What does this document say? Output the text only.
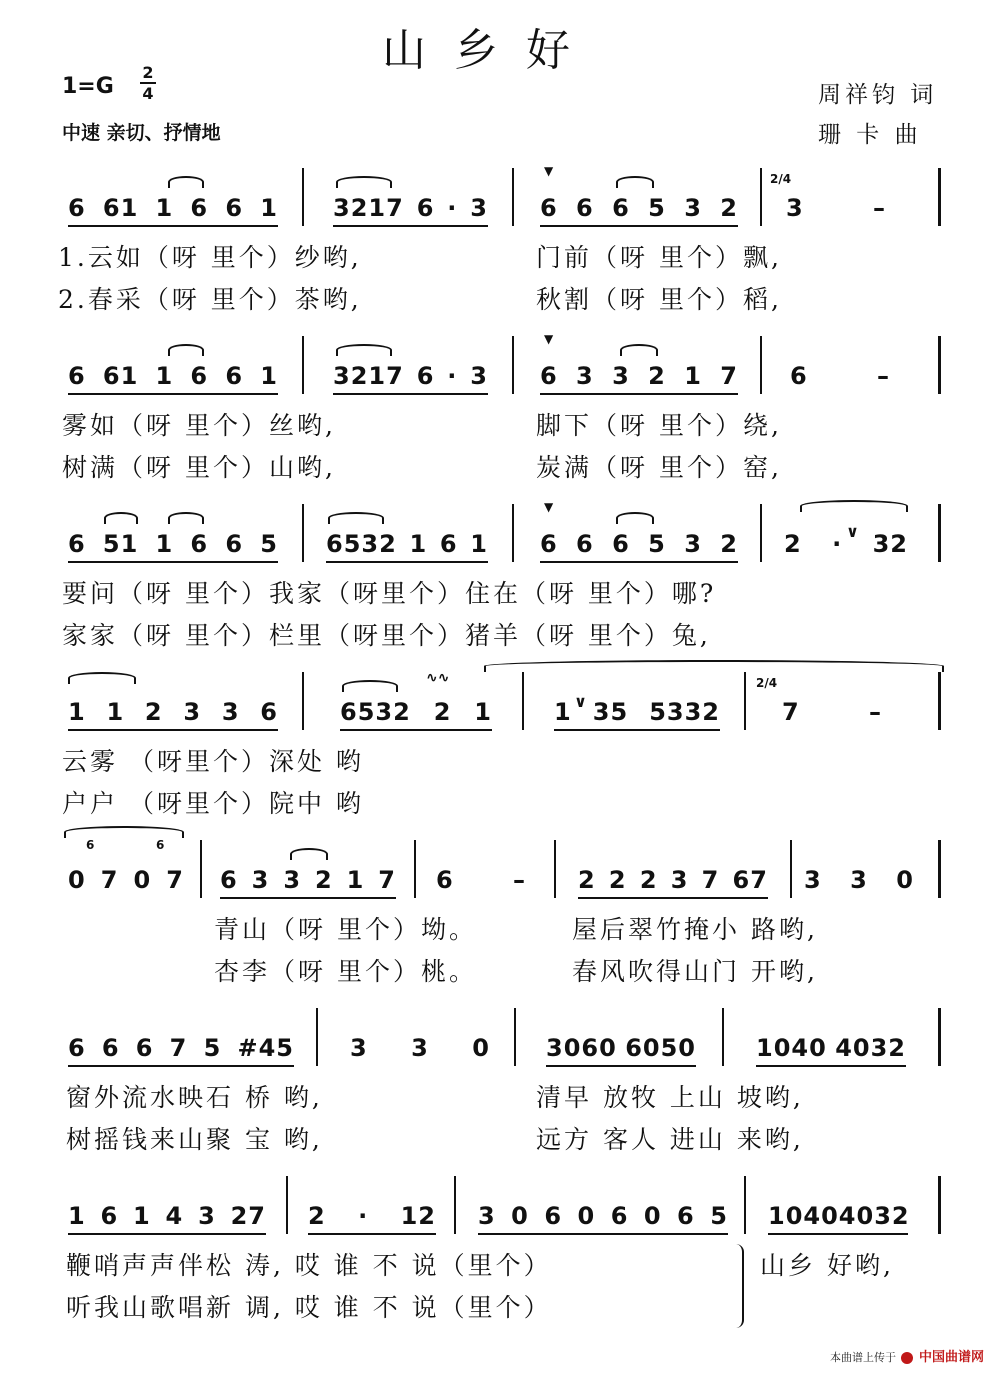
山乡好
1=G
2
4
中速 亲切、抒情地
周祥钧 词
珊 卡 曲
6 61 1 6 6 1 3217 6 · 3
▼
6 6 6 5 3 2
2/4
3	–
1.云如（呀 里个）纱哟,	门前（呀 里个）飘,
2.春采（呀 里个）茶哟,	秋割（呀 里个）稻,
6 61 1 6 6 1 3217 6 · 3
▼
6 3 3 2 1 7 6	–
雾如（呀 里个）丝哟,	脚下（呀 里个）绕,
树满（呀 里个）山哟,	炭满（呀 里个）窑,
6 51 1 6 6 5 6532 1 6 1
▼
6 6 6 5 3 2	∨
2 · 32
要问（呀 里个）我家（呀里个）住在（呀 里个）哪?
家家（呀 里个）栏里（呀里个）猪羊（呀 里个）兔,
1 1 2 3 3 6	6532 2 1
∿∿
∨
1 35 5332
2/4
7	–
云雾 （呀里个）深处 哟
户户 （呀里个）院中 哟
6	6
0 7 0 7 6 3 3 2 1 7 6 – 2 2 2 3 7 67 3 3 0
青山（呀 里个）坳。	屋后翠竹掩小 路哟,
杏李（呀 里个）桃。	春风吹得山门 开哟,
6 6 6 7 5 #45 3 3 0 3060 6050	1040 4032
窗外流水映石 桥 哟,	清早 放牧 上山 坡哟,
树摇钱来山聚 宝 哟,	远方 客人 进山 来哟,
1 6 1 4 3 27 2 · 12 3 0 6 0 6 0 6 5 1040 4032
鞭哨声声伴松 涛, 哎 谁 不 说（里个）	山乡 好哟,
听我山歌唱新 调, 哎 谁 不 说（里个）
本曲谱上传于 中国曲谱网
